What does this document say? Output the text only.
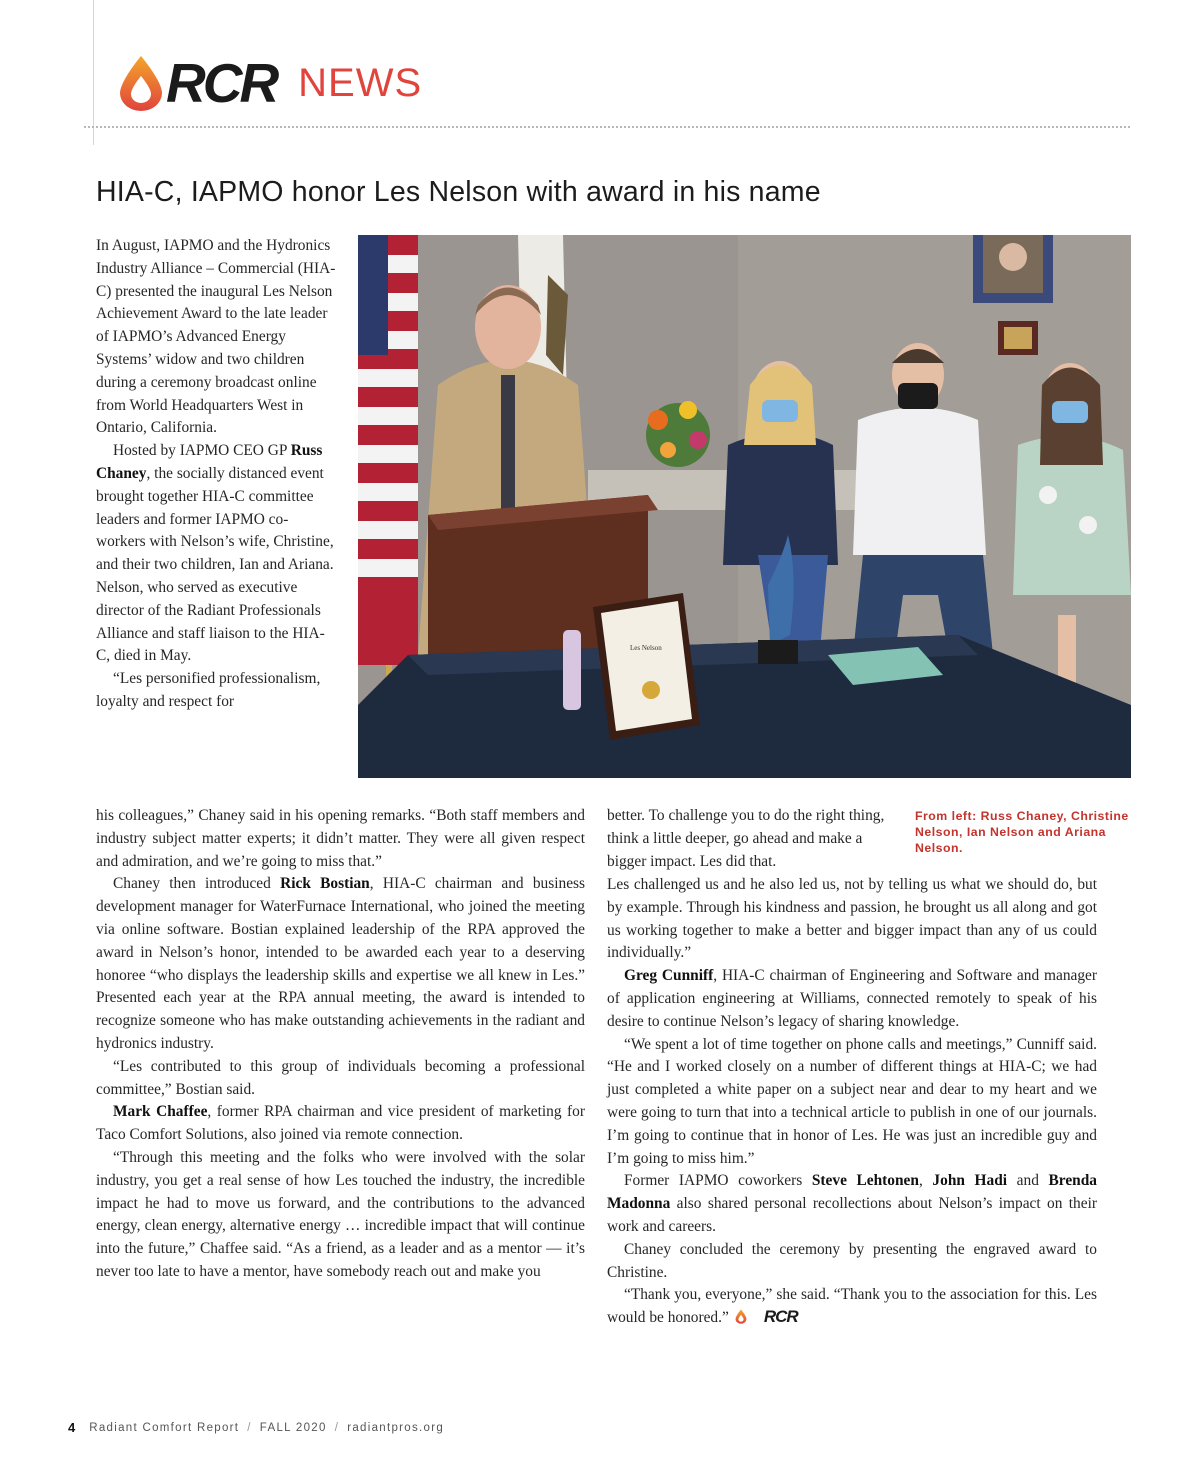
RCR NEWS
HIA-C, IAPMO honor Les Nelson with award in his name
Les Nelson

In August, IAPMO and the Hydronics Industry Alliance – Commercial (HIA-C) presented the inaugural Les Nelson Achievement Award to the late leader of IAPMO’s Advanced Energy Systems’ widow and two children during a ceremony broadcast online from World Headquarters West in Ontario, California.

Hosted by IAPMO CEO GP Russ Chaney, the socially distanced event brought together HIA-C committee leaders and former IAPMO co-workers with Nelson’s wife, Christine, and their two children, Ian and Ariana. Nelson, who served as executive director of the Radiant Professionals Alliance and staff liaison to the HIA-C, died in May.

“Les personified professionalism, loyalty and respect for

his colleagues,” Chaney said in his opening remarks. “Both staff members and industry subject matter experts; it didn’t matter. They were all given respect and admiration, and we’re going to miss that.”

Chaney then introduced Rick Bostian, HIA-C chairman and business development manager for WaterFurnace International, who joined the meeting via online software. Bostian explained leadership of the RPA approved the award in Nelson’s honor, intended to be awarded each year to a deserving honoree “who displays the leadership skills and expertise we all knew in Les.” Presented each year at the RPA annual meeting, the award is intended to recognize someone who has make outstanding achievements in the radiant and hydronics industry.

“Les contributed to this group of individuals becoming a professional committee,” Bostian said.

Mark Chaffee, former RPA chairman and vice president of marketing for Taco Comfort Solutions, also joined via remote connection.

“Through this meeting and the folks who were involved with the solar industry, you get a real sense of how Les touched the industry, the incredible impact he had to move us forward, and the contributions to the advanced energy, clean energy, alternative energy … incredible impact that will continue into the future,” Chaffee said. “As a friend, as a leader and as a mentor — it’s never too late to have a mentor, have somebody reach out and make you

better. To challenge you to do the right thing, think a little deeper, go ahead and make a bigger impact. Les did that.

From left: Russ Chaney, Christine Nelson, Ian Nelson and Ariana Nelson.

Les challenged us and he also led us, not by telling us what we should do, but by example. Through his kindness and passion, he brought us all along and got us working together to make a better and bigger impact than any of us could individually.”

Greg Cunniff, HIA-C chairman of Engineering and Software and manager of application engineering at Williams, connected remotely to speak of his desire to continue Nelson’s legacy of sharing knowledge.

“We spent a lot of time together on phone calls and meetings,” Cunniff said. “He and I worked closely on a number of different things at HIA-C; we had just completed a white paper on a subject near and dear to my heart and we were going to turn that into a technical article to publish in one of our journals. I’m going to continue that in honor of Les. He was just an incredible guy and I’m going to miss him.”

Former IAPMO coworkers Steve Lehtonen, John Hadi and Brenda Madonna also shared personal recollections about Nelson’s impact on their work and careers.

Chaney concluded the ceremony by presenting the engraved award to Christine.

“Thank you, everyone,” she said. “Thank you to the association for this. Les would be honored.”	RCR

4 Radiant Comfort Report / FALL 2020 / radiantpros.org
